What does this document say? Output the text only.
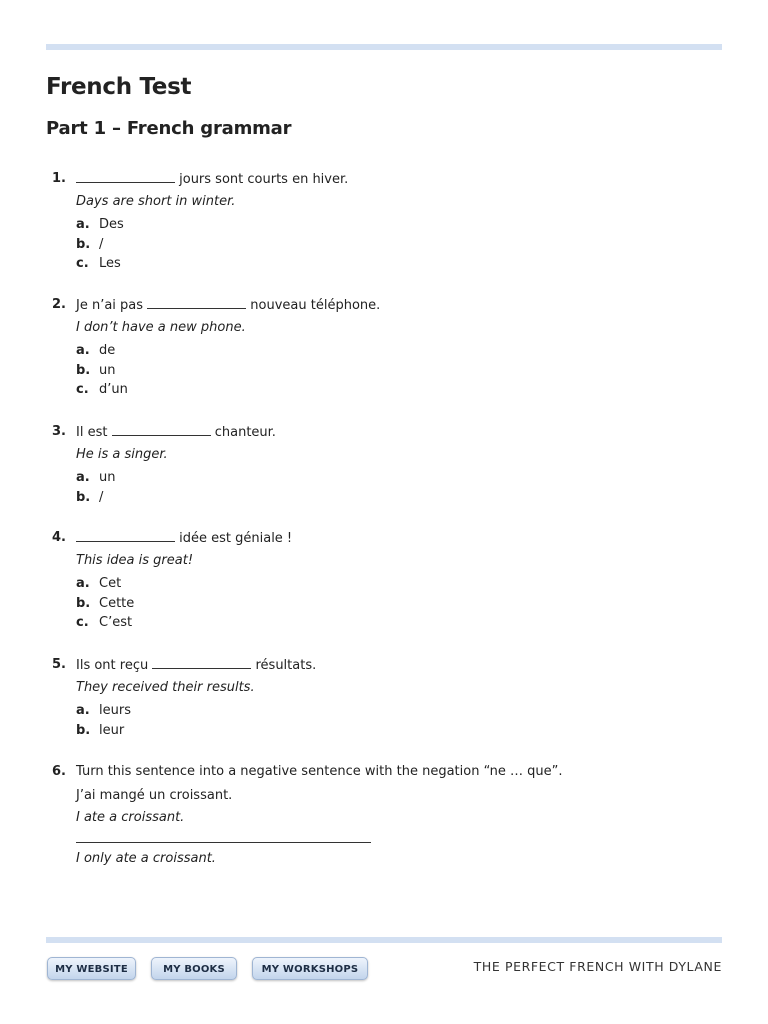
French Test
Part 1 – French grammar
1.	jours sont courts en hiver.
Days are short in winter.
a. Des
b. /
c. Les
2. Je n’ai pas	nouveau téléphone.
I don’t have a new phone.
a. de
b. un
c. d’un
3. Il est	chanteur.
He is a singer.
a. un
b. /
4.	idée est géniale !
This idea is great!
a. Cet
b. Cette
c. C’est
5. Ils ont reçu	résultats.
They received their results.
a. leurs
b. leur
6. Turn this sentence into a negative sentence with the negation “ne … que”.
J’ai mangé un croissant.
I ate a croissant.
I only ate a croissant.
MY WEBSITE	MY BOOKS	MY WORKSHOPS	THE PERFECT FRENCH WITH DYLANE
